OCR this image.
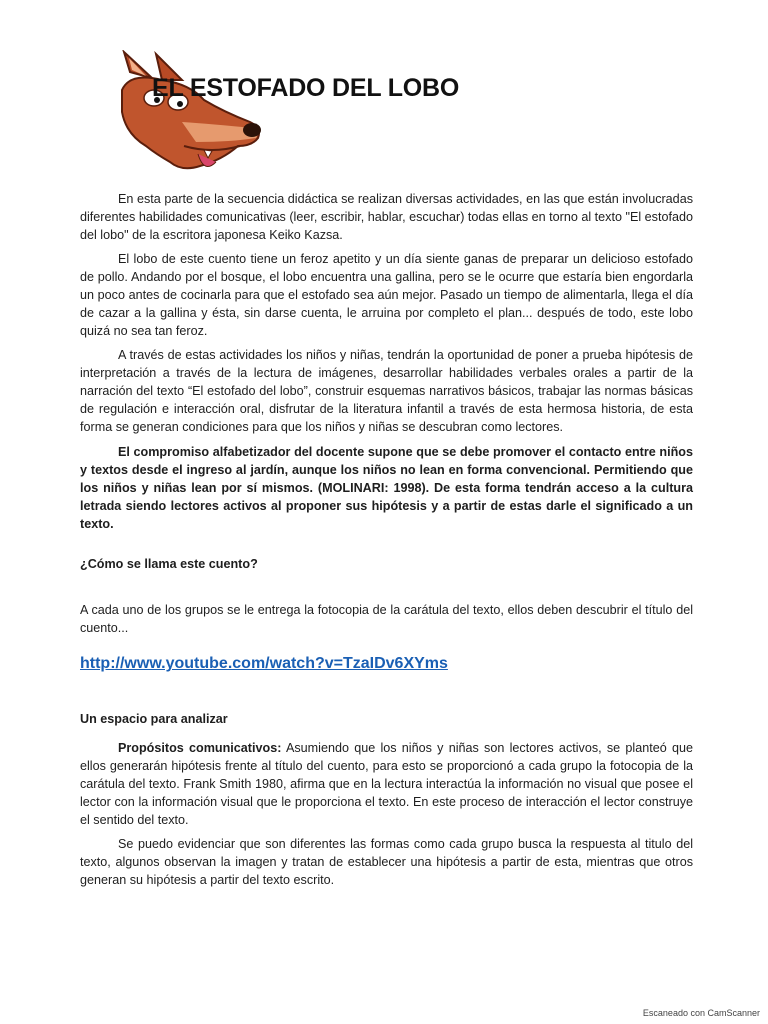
EL ESTOFADO DEL LOBO

En esta parte de la secuencia didáctica se realizan diversas actividades, en las que están involucradas diferentes habilidades comunicativas (leer, escribir, hablar, escuchar) todas ellas en torno al texto "El estofado del lobo" de la escritora japonesa Keiko Kazsa.

El lobo de este cuento tiene un feroz apetito y un día siente ganas de preparar un delicioso estofado de pollo. Andando por el bosque, el lobo encuentra una gallina, pero se le ocurre que estaría bien engordarla un poco antes de cocinarla para que el estofado sea aún mejor. Pasado un tiempo de alimentarla, llega el día de cazar a la gallina y ésta, sin darse cuenta, le arruina por completo el plan... después de todo, este lobo quizá no sea tan feroz.

A través de estas actividades los niños y niñas, tendrán la oportunidad de poner a prueba hipótesis de interpretación a través de la lectura de imágenes, desarrollar habilidades verbales orales a partir de la narración del texto “El estofado del lobo”, construir esquemas narrativos básicos, trabajar las normas básicas de regulación e interacción oral, disfrutar de la literatura infantil a través de esta hermosa historia, de esta forma se generan condiciones para que los niños y niñas se descubran como lectores.

El compromiso alfabetizador del docente supone que se debe promover el contacto entre niños y textos desde el ingreso al jardín, aunque los niños no lean en forma convencional. Permitiendo que los niños y niñas lean por sí mismos. (MOLINARI: 1998). De esta forma tendrán acceso a la cultura letrada siendo lectores activos al proponer sus hipótesis y a partir de estas darle el significado a un texto.

¿Cómo se llama este cuento?

A cada uno de los grupos se le entrega la fotocopia de la carátula del texto, ellos deben descubrir el título del cuento...

http://www.youtube.com/watch?v=TzaIDv6XYms

Un espacio para analizar

Propósitos comunicativos: Asumiendo que los niños y niñas son lectores activos, se planteó que ellos generarán hipótesis frente al título del cuento, para esto se proporcionó a cada grupo la fotocopia de la carátula del texto. Frank Smith 1980, afirma que en la lectura interactúa la información no visual que posee el lector con la información visual que le proporciona el texto. En este proceso de interacción el lector construye el sentido del texto.

Se puedo evidenciar que son diferentes las formas como cada grupo busca la respuesta al titulo del texto, algunos observan la imagen y tratan de establecer una hipótesis a partir de esta, mientras que otros generan su hipótesis a partir del texto escrito.

Escaneado con CamScanner
